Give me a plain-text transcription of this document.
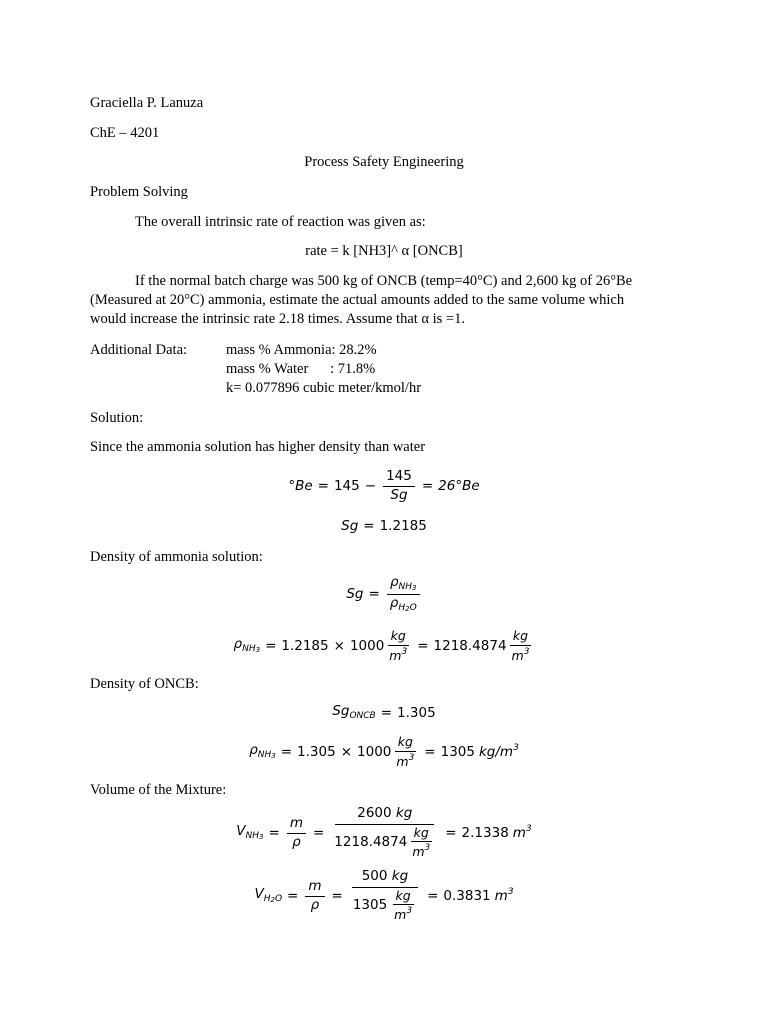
Graciella P. Lanuza
ChE – 4201
Process Safety Engineering
Problem Solving
The overall intrinsic rate of reaction was given as:
rate = k [NH3]^ α [ONCB]
If the normal batch charge was 500 kg of ONCB (temp=40°C) and 2,600 kg of 26°Be
(Measured at 20°C) ammonia, estimate the actual amounts added to the same volume which
would increase the intrinsic rate 2.18 times. Assume that α is =1.
Additional Data:	mass % Ammonia: 28.2%
mass % Water      : 71.8%
k= 0.077896 cubic meter/kmol/hr
Solution:
Since the ammonia solution has higher density than water
$^\circ Be = 145 - \frac{145}{Sg} = 26^\circ Be$
Sg = 1.2185
Density of ammonia solution:
$Sg = \frac{\rho_{NH_3}}{\rho_{H_2O}}$
$\rho_{NH_3} = 1.2185 \times 1000 \frac{kg}{m^3} = 1218.4874 \frac{kg}{m^3}$
Density of ONCB:
$Sg_{ONCB} = 1.305$
$\rho_{NH_3} = 1.305 \times 1000 \frac{kg}{m^3} = 1305$ $kg/m^3$
Volume of the Mixture:
$V_{NH_3} = \frac{m}{\rho} = \frac{2600 kg}{1218.4874 \frac{kg}{m^3}} = 2.1338$ $m^3$
$V_{H_2O} = \frac{m}{\rho} = \frac{500 kg}{1305 \frac{kg}{m^3}} = 0.3831$ $m^3$
